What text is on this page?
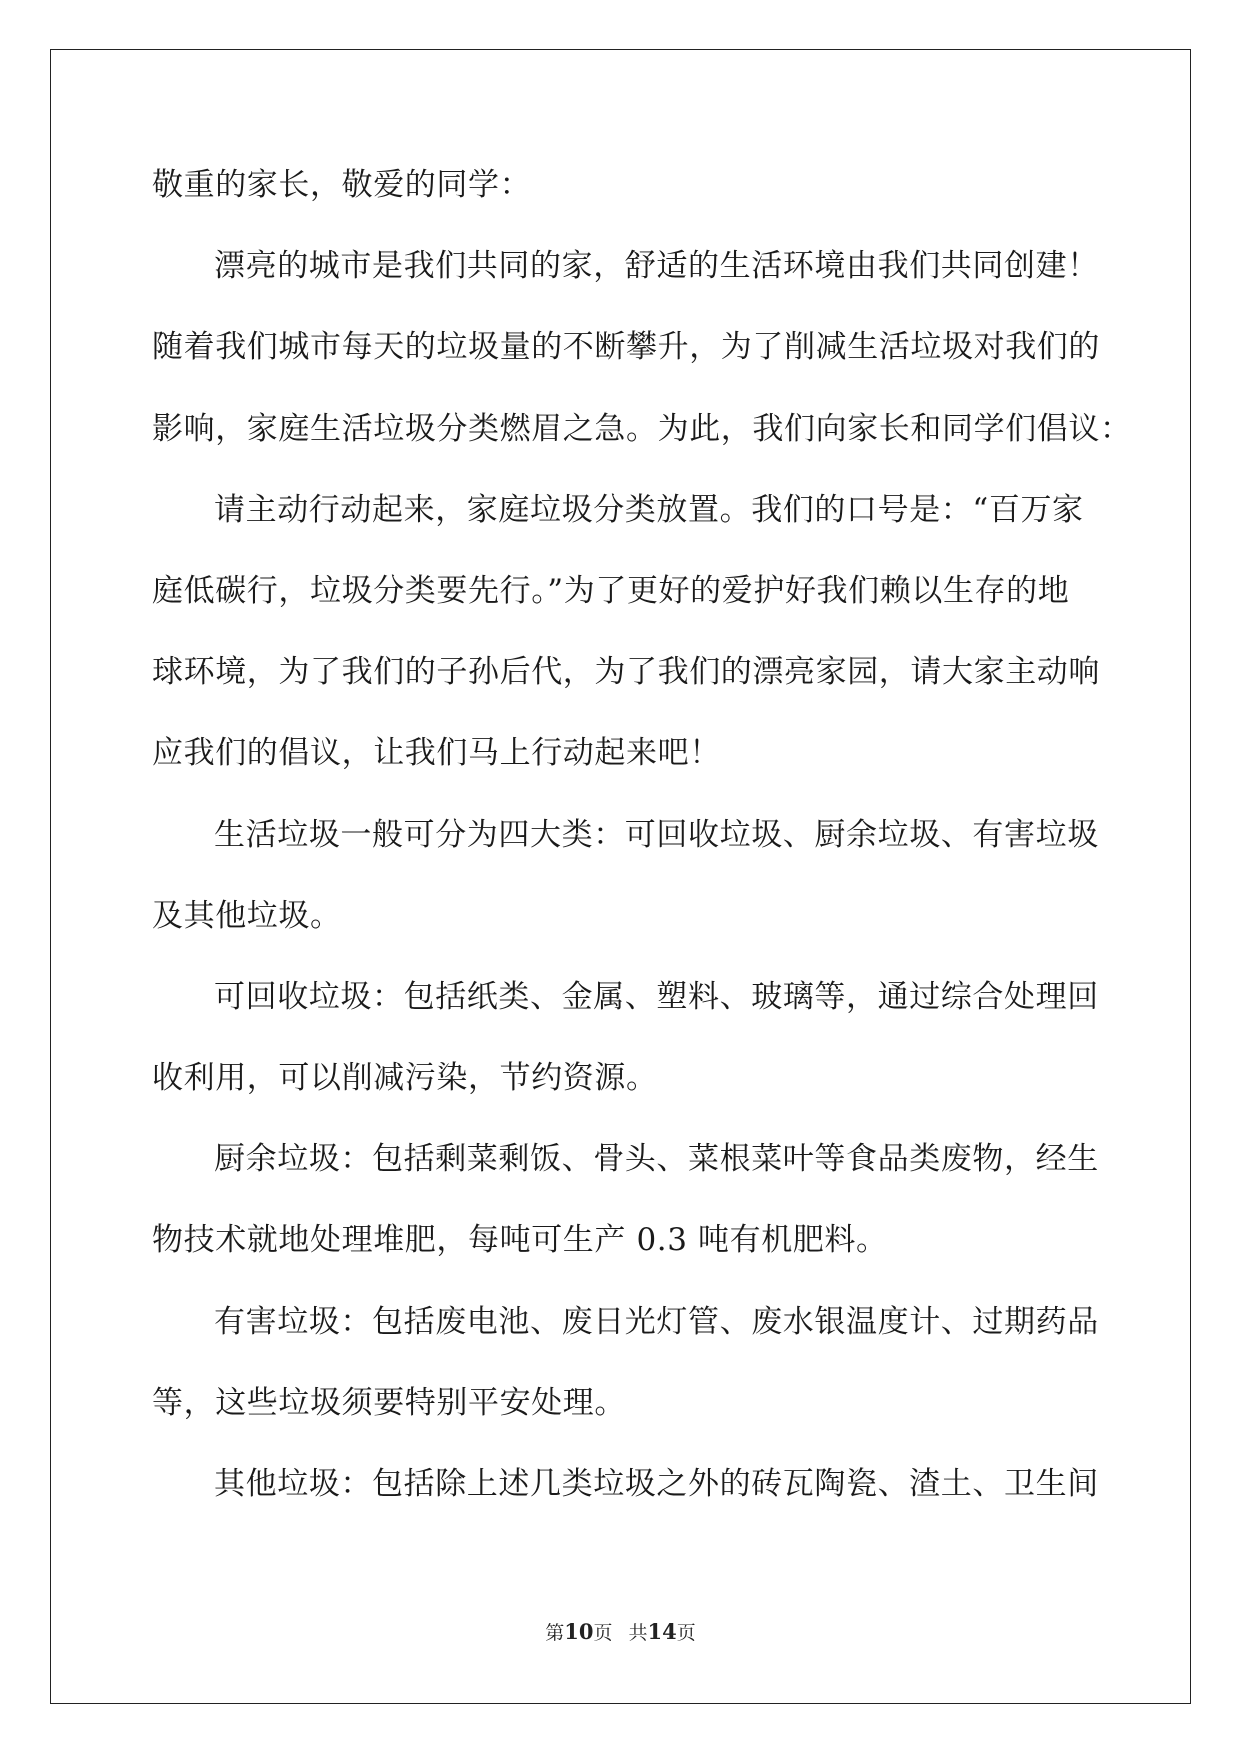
敬重的家长，敬爱的同学：
漂亮的城市是我们共同的家，舒适的生活环境由我们共同创建！
随着我们城市每天的垃圾量的不断攀升，为了削减生活垃圾对我们的
影响，家庭生活垃圾分类燃眉之急。为此，我们向家长和同学们倡议：
请主动行动起来，家庭垃圾分类放置。我们的口号是：“百万家
庭低碳行，垃圾分类要先行。”为了更好的爱护好我们赖以生存的地
球环境，为了我们的子孙后代，为了我们的漂亮家园，请大家主动响
应我们的倡议，让我们马上行动起来吧！
生活垃圾一般可分为四大类：可回收垃圾、厨余垃圾、有害垃圾
及其他垃圾。
可回收垃圾：包括纸类、金属、塑料、玻璃等，通过综合处理回
收利用，可以削减污染，节约资源。
厨余垃圾：包括剩菜剩饭、骨头、菜根菜叶等食品类废物，经生
物技术就地处理堆肥，每吨可生产 0.3 吨有机肥料。
有害垃圾：包括废电池、废日光灯管、废水银温度计、过期药品
等，这些垃圾须要特别平安处理。
其他垃圾：包括除上述几类垃圾之外的砖瓦陶瓷、渣土、卫生间
第10页 共14页
